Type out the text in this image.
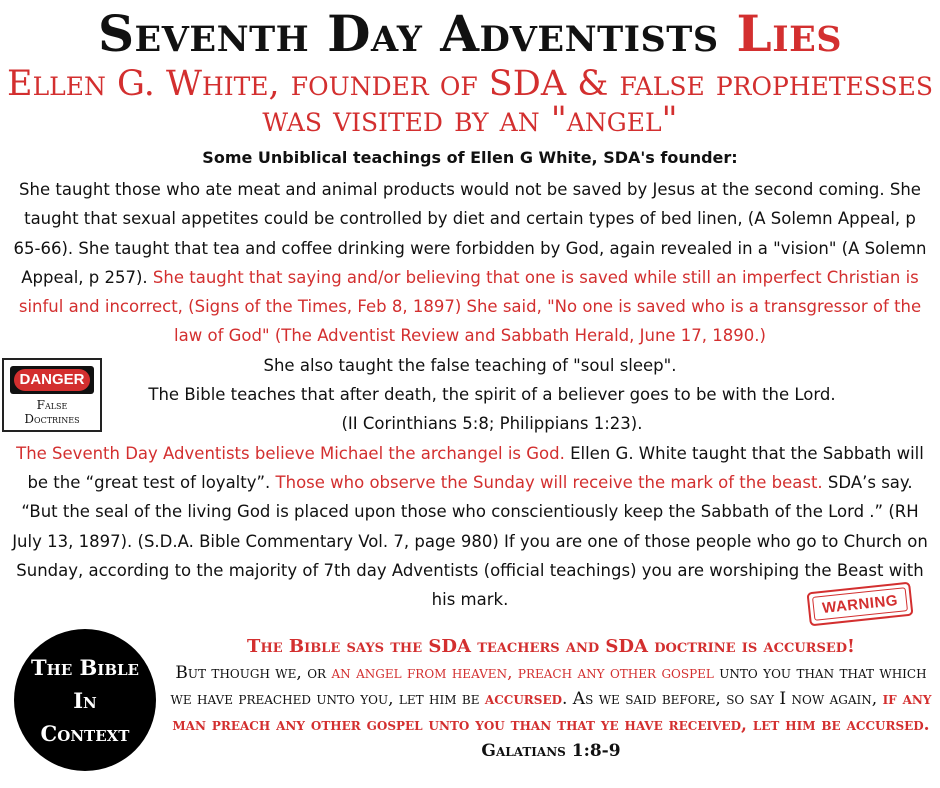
Seventh Day Adventists Lies

Ellen G. White, founder of SDA & false prophetesses was visited by an "angel"

Some Unbiblical teachings of Ellen G White, SDA's founder:

She taught those who ate meat and animal products would not be saved by Jesus at the second coming. She taught that sexual appetites could be controlled by diet and certain types of bed linen, (A Solemn Appeal, p 65-66). She taught that tea and coffee drinking were forbidden by God, again revealed in a "vision" (A Solemn Appeal, p 257). She taught that saying and/or believing that one is saved while still an imperfect Christian is sinful and incorrect, (Signs of the Times, Feb 8, 1897) She said, "No one is saved who is a transgressor of the law of God" (The Adventist Review and Sabbath Herald, June 17, 1890.)

She also taught the false teaching of "soul sleep".

The Bible teaches that after death, the spirit of a believer goes to be with the Lord.

(II Corinthians 5:8; Philippians 1:23).

The Seventh Day Adventists believe Michael the archangel is God. Ellen G. White taught that the Sabbath will be the “great test of loyalty”. Those who observe the Sunday will receive the mark of the beast. SDA’s say. “But the seal of the living God is placed upon those who conscientiously keep the Sabbath of the Lord .” (RH July 13, 1897). (S.D.A. Bible Commentary Vol. 7, page 980) If you are one of those people who go to Church on Sunday, according to the majority of 7th day Adventists (official teachings) you are worshiping the Beast with his mark.

DANGER
False
Doctrines
WARNING
The Bible
In
Context

The Bible says the SDA teachers and SDA doctrine is accursed!
But though we, or an angel from heaven, preach any other gospel unto you than that which we have preached unto you, let him be accursed. As we said before, so say I now again, if any man preach any other gospel unto you than that ye have received, let him be accursed. Galatians 1:8-9
